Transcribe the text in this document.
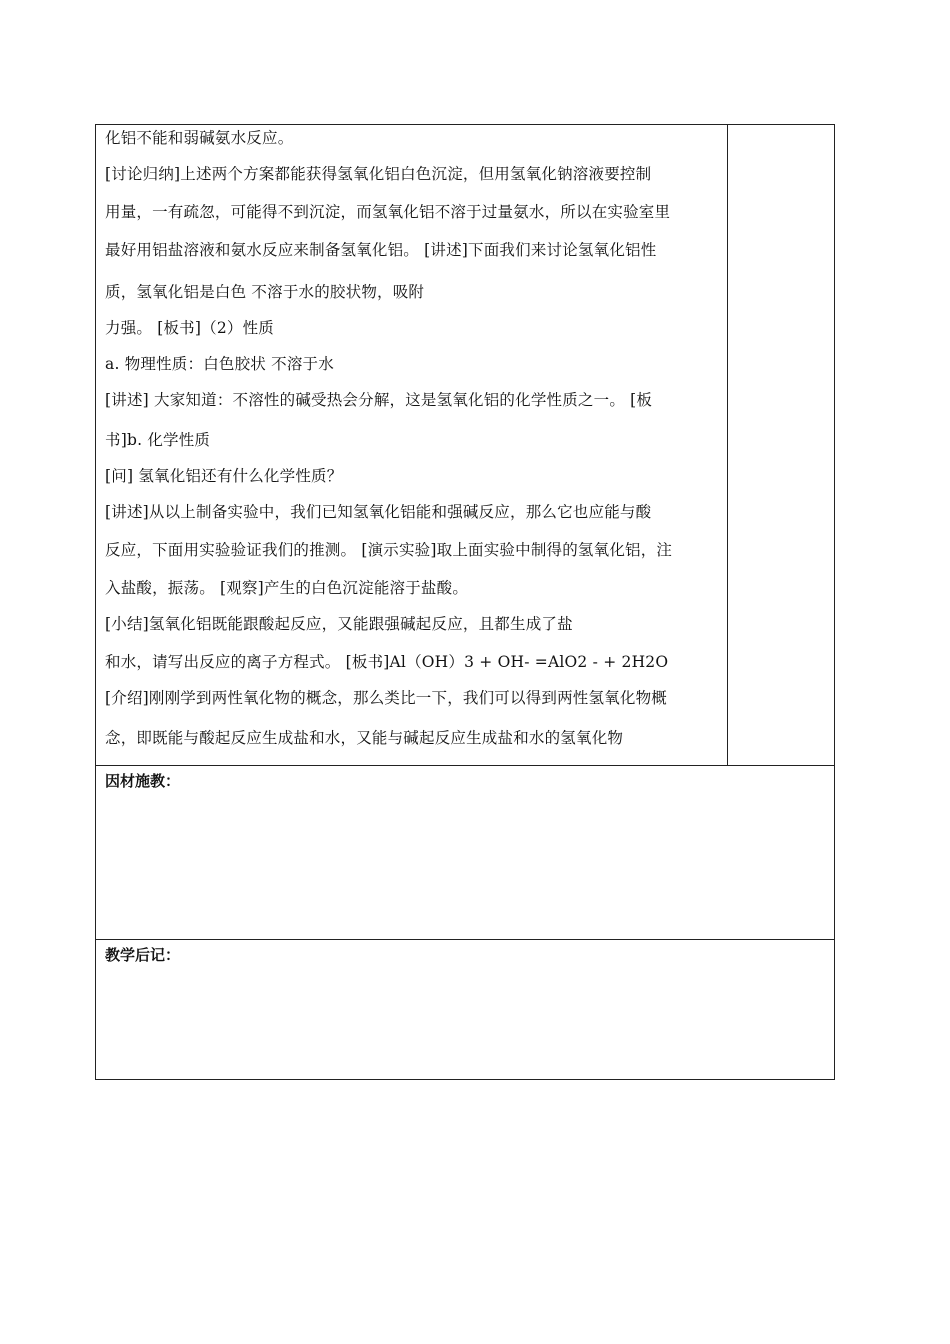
化铝不能和弱碱氨水反应。
[讨论归纳]上述两个方案都能获得氢氧化铝白色沉淀，但用氢氧化钠溶液要控制
用量，一有疏忽，可能得不到沉淀，而氢氧化铝不溶于过量氨水，所以在实验室里
最好用铝盐溶液和氨水反应来制备氢氧化铝。 [讲述]下面我们来讨论氢氧化铝性
质，氢氧化铝是白色 不溶于水的胶状物，吸附
力强。 [板书]（2）性质
a. 物理性质：白色胶状 不溶于水
[讲述] 大家知道：不溶性的碱受热会分解，这是氢氧化铝的化学性质之一。 [板
书]b. 化学性质
[问] 氢氧化铝还有什么化学性质？
[讲述]从以上制备实验中，我们已知氢氧化铝能和强碱反应，那么它也应能与酸
反应，下面用实验验证我们的推测。 [演示实验]取上面实验中制得的氢氧化铝，注
入盐酸，振荡。 [观察]产生的白色沉淀能溶于盐酸。
[小结]氢氧化铝既能跟酸起反应，又能跟强碱起反应，且都生成了盐
和水，请写出反应的离子方程式。 [板书]Al（OH）3 + OH- =AlO2 - + 2H2O
[介绍]刚刚学到两性氧化物的概念，那么类比一下，我们可以得到两性氢氧化物概
念，即既能与酸起反应生成盐和水，又能与碱起反应生成盐和水的氢氧化物
因材施教：
教学后记：
